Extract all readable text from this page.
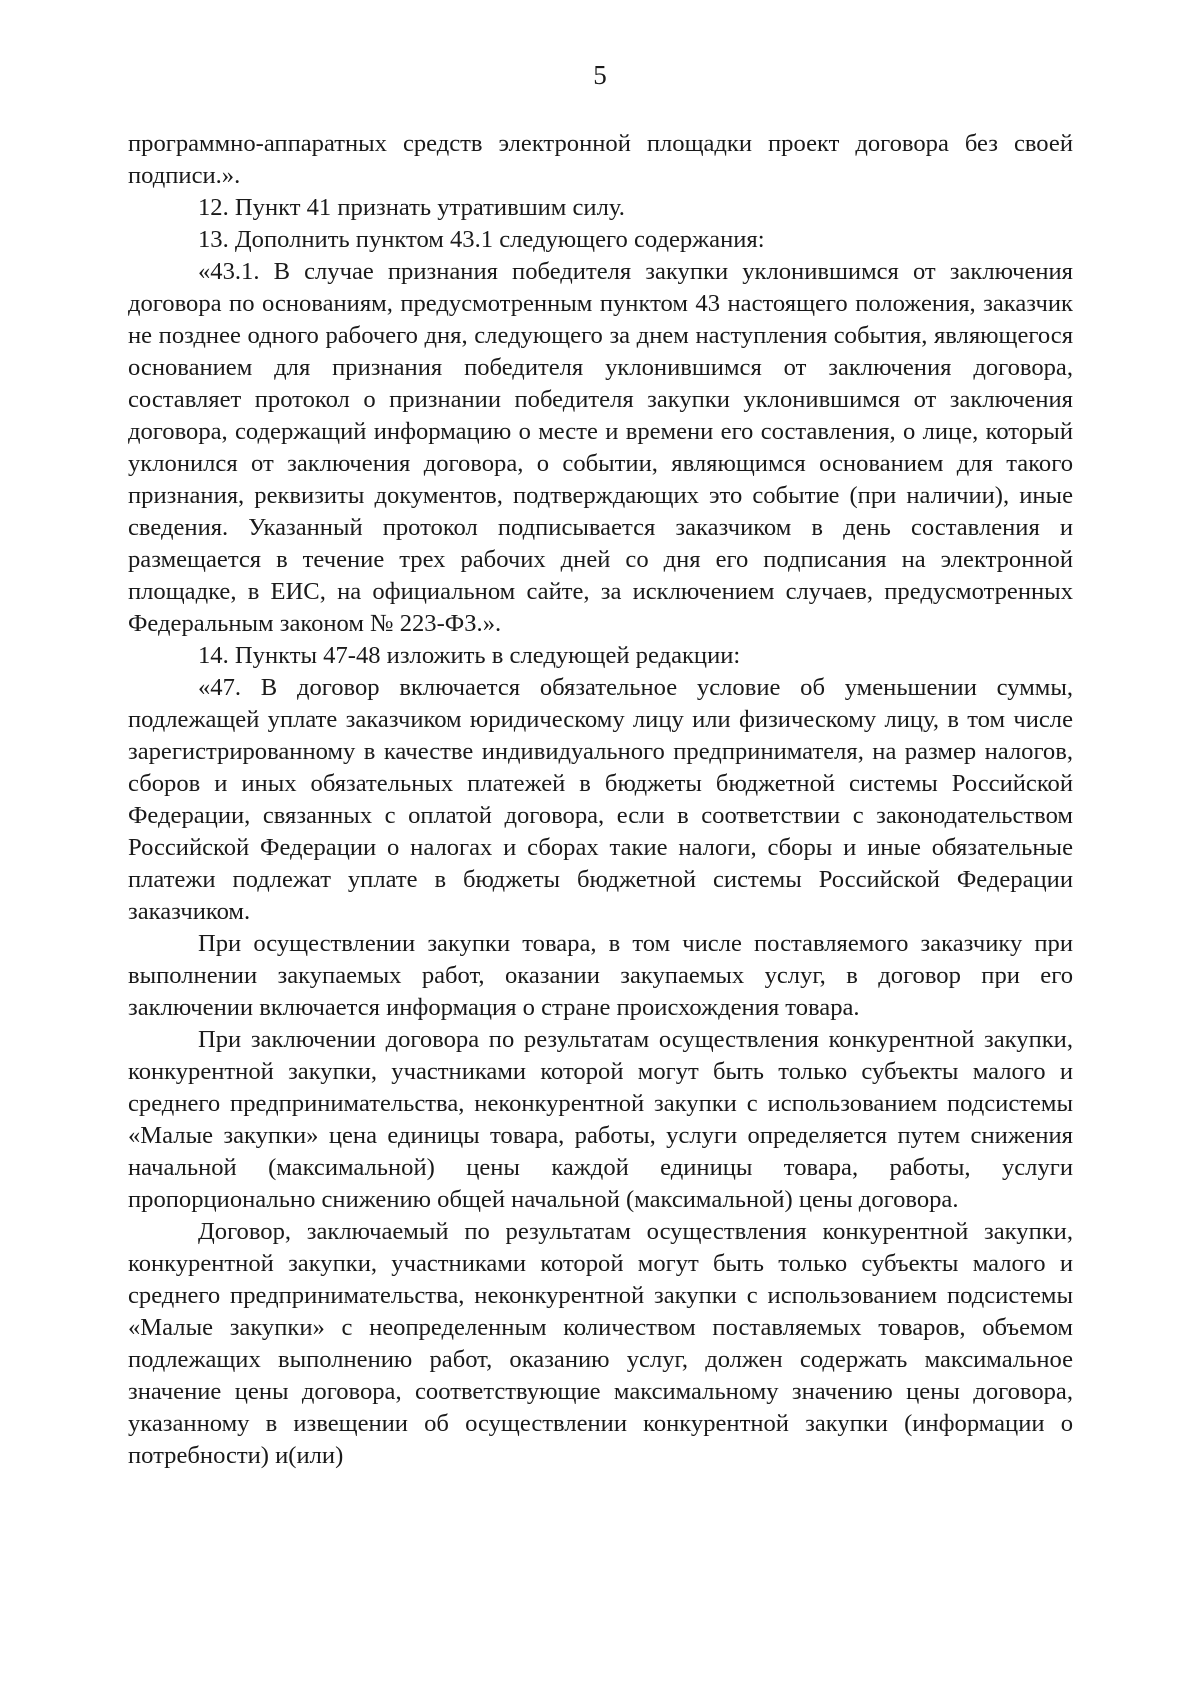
5

программно-аппаратных средств электронной площадки проект договора без своей подписи.».

12. Пункт 41 признать утратившим силу.

13. Дополнить пунктом 43.1 следующего содержания:

«43.1. В случае признания победителя закупки уклонившимся от заключения договора по основаниям, предусмотренным пунктом 43 настоящего положения, заказчик не позднее одного рабочего дня, следующего за днем наступления события, являющегося основанием для признания победителя уклонившимся от заключения договора, составляет протокол о признании победителя закупки уклонившимся от заключения договора, содержащий информацию о месте и времени его составления, о лице, который уклонился от заключения договора, о событии, являющимся основанием для такого признания, реквизиты документов, подтверждающих это событие (при наличии), иные сведения. Указанный протокол подписывается заказчиком в день составления и размещается в течение трех рабочих дней со дня его подписания на электронной площадке, в ЕИС, на официальном сайте, за исключением случаев, предусмотренных Федеральным законом № 223-ФЗ.».

14. Пункты 47-48 изложить в следующей редакции:

«47. В договор включается обязательное условие об уменьшении суммы, подлежащей уплате заказчиком юридическому лицу или физическому лицу, в том числе зарегистрированному в качестве индивидуального предпринимателя, на размер налогов, сборов и иных обязательных платежей в бюджеты бюджетной системы Российской Федерации, связанных с оплатой договора, если в соответствии с законодательством Российской Федерации о налогах и сборах такие налоги, сборы и иные обязательные платежи подлежат уплате в бюджеты бюджетной системы Российской Федерации заказчиком.

При осуществлении закупки товара, в том числе поставляемого заказчику при выполнении закупаемых работ, оказании закупаемых услуг, в договор при его заключении включается информация о стране происхождения товара.

При заключении договора по результатам осуществления конкурентной закупки, конкурентной закупки, участниками которой могут быть только субъекты малого и среднего предпринимательства, неконкурентной закупки с использованием подсистемы «Малые закупки» цена единицы товара, работы, услуги определяется путем снижения начальной (максимальной) цены каждой единицы товара, работы, услуги пропорционально снижению общей начальной (максимальной) цены договора.

Договор, заключаемый по результатам осуществления конкурентной закупки, конкурентной закупки, участниками которой могут быть только субъекты малого и среднего предпринимательства, неконкурентной закупки с использованием подсистемы «Малые закупки» с неопределенным количеством поставляемых товаров, объемом подлежащих выполнению работ, оказанию услуг, должен содержать максимальное значение цены договора, соответствующие максимальному значению цены договора, указанному в извещении об осуществлении конкурентной закупки (информации о потребности) и(или)
